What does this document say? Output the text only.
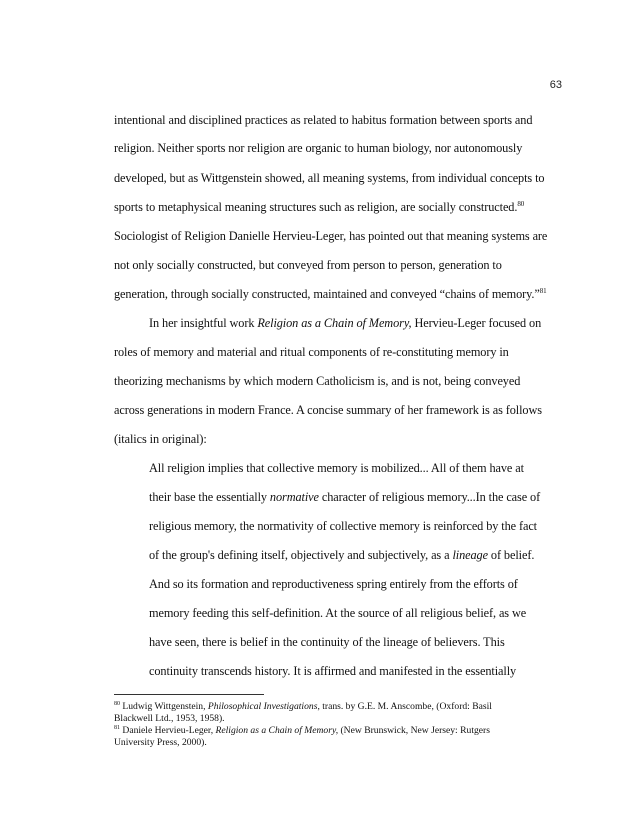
63
intentional and disciplined practices as related to habitus formation between sports and
religion. Neither sports nor religion are organic to human biology, nor autonomously
developed, but as Wittgenstein showed, all meaning systems, from individual concepts to
sports to metaphysical meaning structures such as religion, are socially constructed.$^{80}$
Sociologist of Religion Danielle Hervieu-Leger, has pointed out that meaning systems are
not only socially constructed, but conveyed from person to person, generation to
generation, through socially constructed, maintained and conveyed “chains of memory.”$^{81}$
In her insightful work Religion as a Chain of Memory, Hervieu-Leger focused on
roles of memory and material and ritual components of re-constituting memory in
theorizing mechanisms by which modern Catholicism is, and is not, being conveyed
across generations in modern France. A concise summary of her framework is as follows
(italics in original):
All religion implies that collective memory is mobilized... All of them have at
their base the essentially normative character of religious memory...In the case of
religious memory, the normativity of collective memory is reinforced by the fact
of the group's defining itself, objectively and subjectively, as a lineage of belief.
And so its formation and reproductiveness spring entirely from the efforts of
memory feeding this self-definition. At the source of all religious belief, as we
have seen, there is belief in the continuity of the lineage of believers. This
continuity transcends history. It is affirmed and manifested in the essentially
$^{80}$ Ludwig Wittgenstein, Philosophical Investigations, trans. by G.E. M. Anscombe, (Oxford: Basil
Blackwell Ltd., 1953, 1958).
$^{81}$ Daniele Hervieu-Leger, Religion as a Chain of Memory, (New Brunswick, New Jersey: Rutgers
University Press, 2000).
